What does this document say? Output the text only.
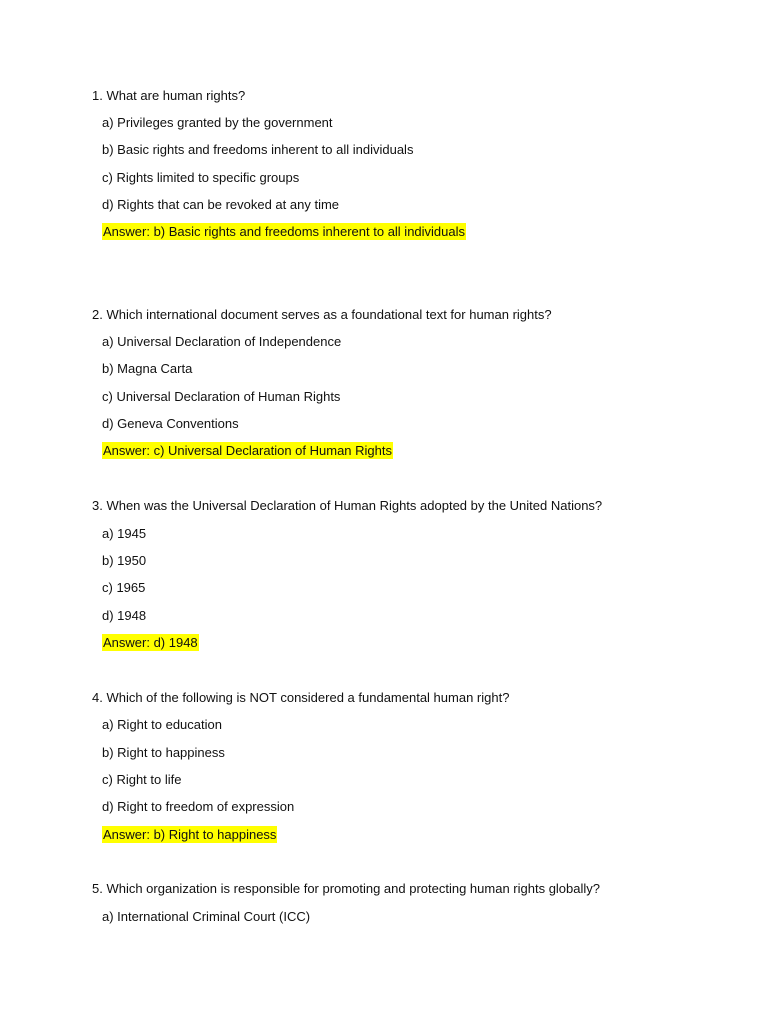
1. What are human rights?
a) Privileges granted by the government
b) Basic rights and freedoms inherent to all individuals
c) Rights limited to specific groups
d) Rights that can be revoked at any time
Answer: b) Basic rights and freedoms inherent to all individuals
2. Which international document serves as a foundational text for human rights?
a) Universal Declaration of Independence
b) Magna Carta
c) Universal Declaration of Human Rights
d) Geneva Conventions
Answer: c) Universal Declaration of Human Rights
3. When was the Universal Declaration of Human Rights adopted by the United Nations?
a) 1945
b) 1950
c) 1965
d) 1948
Answer: d) 1948
4. Which of the following is NOT considered a fundamental human right?
a) Right to education
b) Right to happiness
c) Right to life
d) Right to freedom of expression
Answer: b) Right to happiness
5. Which organization is responsible for promoting and protecting human rights globally?
a) International Criminal Court (ICC)
